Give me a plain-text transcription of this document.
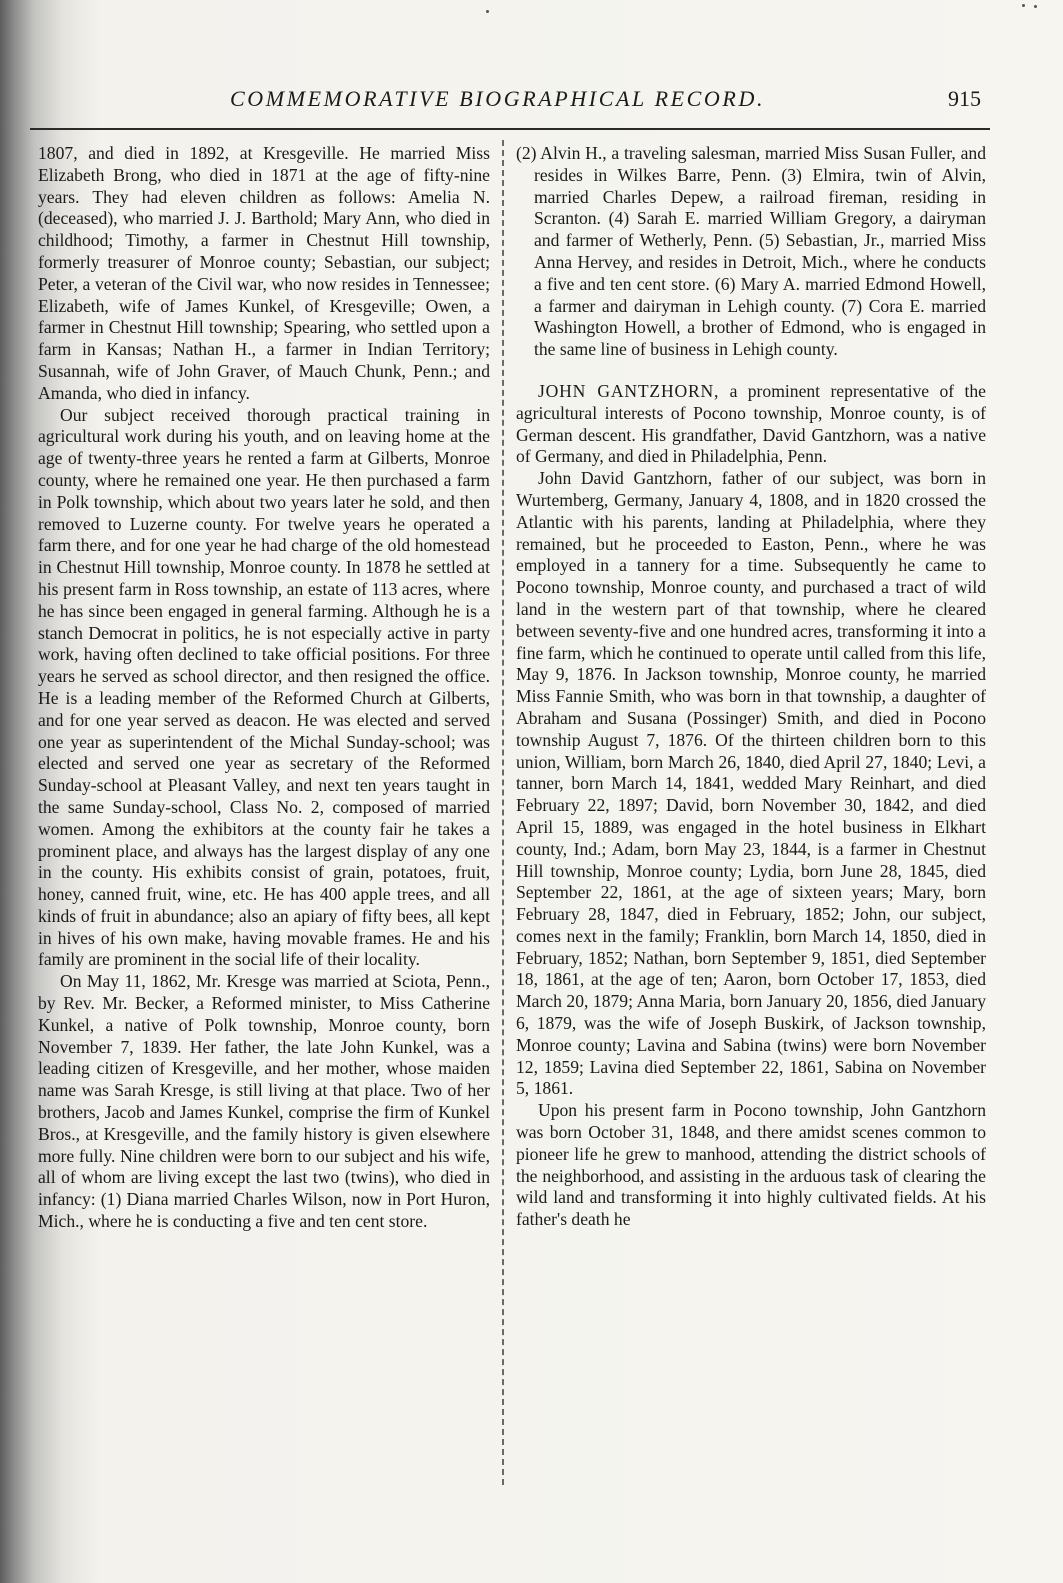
COMMEMORATIVE BIOGRAPHICAL RECORD.	915

1807, and died in 1892, at Kresgeville. He married Miss Elizabeth Brong, who died in 1871 at the age of fifty-nine years. They had eleven children as follows: Amelia N. (deceased), who married J. J. Barthold; Mary Ann, who died in childhood; Timothy, a farmer in Chestnut Hill township, formerly treasurer of Monroe county; Sebastian, our subject; Peter, a veteran of the Civil war, who now resides in Tennessee; Elizabeth, wife of James Kunkel, of Kresgeville; Owen, a farmer in Chestnut Hill township; Spearing, who settled upon a farm in Kansas; Nathan H., a farmer in Indian Territory; Susannah, wife of John Graver, of Mauch Chunk, Penn.; and Amanda, who died in infancy.

Our subject received thorough practical training in agricultural work during his youth, and on leaving home at the age of twenty-three years he rented a farm at Gilberts, Monroe county, where he remained one year. He then purchased a farm in Polk township, which about two years later he sold, and then removed to Luzerne county. For twelve years he operated a farm there, and for one year he had charge of the old homestead in Chestnut Hill township, Monroe county. In 1878 he settled at his present farm in Ross township, an estate of 113 acres, where he has since been engaged in general farming. Although he is a stanch Democrat in politics, he is not especially active in party work, having often declined to take official positions. For three years he served as school director, and then resigned the office. He is a leading member of the Reformed Church at Gilberts, and for one year served as deacon. He was elected and served one year as superintendent of the Michal Sunday-school; was elected and served one year as secretary of the Reformed Sunday-school at Pleasant Valley, and next ten years taught in the same Sunday-school, Class No. 2, composed of married women. Among the exhibitors at the county fair he takes a prominent place, and always has the largest display of any one in the county. His exhibits consist of grain, potatoes, fruit, honey, canned fruit, wine, etc. He has 400 apple trees, and all kinds of fruit in abundance; also an apiary of fifty bees, all kept in hives of his own make, having movable frames. He and his family are prominent in the social life of their locality.

On May 11, 1862, Mr. Kresge was married at Sciota, Penn., by Rev. Mr. Becker, a Reformed minister, to Miss Catherine Kunkel, a native of Polk township, Monroe county, born November 7, 1839. Her father, the late John Kunkel, was a leading citizen of Kresgeville, and her mother, whose maiden name was Sarah Kresge, is still living at that place. Two of her brothers, Jacob and James Kunkel, comprise the firm of Kunkel Bros., at Kresgeville, and the family history is given elsewhere more fully. Nine children were born to our subject and his wife, all of whom are living except the last two (twins), who died in infancy: (1) Diana married Charles Wilson, now in Port Huron, Mich., where he is conducting a five and ten cent store.

(2) Alvin H., a traveling salesman, married Miss Susan Fuller, and resides in Wilkes Barre, Penn. (3) Elmira, twin of Alvin, married Charles Depew, a railroad fireman, residing in Scranton. (4) Sarah E. married William Gregory, a dairyman and farmer of Wetherly, Penn. (5) Sebastian, Jr., married Miss Anna Hervey, and resides in Detroit, Mich., where he conducts a five and ten cent store. (6) Mary A. married Edmond Howell, a farmer and dairyman in Lehigh county. (7) Cora E. married Washington Howell, a brother of Edmond, who is engaged in the same line of business in Lehigh county.

JOHN GANTZHORN, a prominent representative of the agricultural interests of Pocono township, Monroe county, is of German descent. His grandfather, David Gantzhorn, was a native of Germany, and died in Philadelphia, Penn.

John David Gantzhorn, father of our subject, was born in Wurtemberg, Germany, January 4, 1808, and in 1820 crossed the Atlantic with his parents, landing at Philadelphia, where they remained, but he proceeded to Easton, Penn., where he was employed in a tannery for a time. Subsequently he came to Pocono township, Monroe county, and purchased a tract of wild land in the western part of that township, where he cleared between seventy-five and one hundred acres, transforming it into a fine farm, which he continued to operate until called from this life, May 9, 1876. In Jackson township, Monroe county, he married Miss Fannie Smith, who was born in that township, a daughter of Abraham and Susana (Possinger) Smith, and died in Pocono township August 7, 1876. Of the thirteen children born to this union, William, born March 26, 1840, died April 27, 1840; Levi, a tanner, born March 14, 1841, wedded Mary Reinhart, and died February 22, 1897; David, born November 30, 1842, and died April 15, 1889, was engaged in the hotel business in Elkhart county, Ind.; Adam, born May 23, 1844, is a farmer in Chestnut Hill township, Monroe county; Lydia, born June 28, 1845, died September 22, 1861, at the age of sixteen years; Mary, born February 28, 1847, died in February, 1852; John, our subject, comes next in the family; Franklin, born March 14, 1850, died in February, 1852; Nathan, born September 9, 1851, died September 18, 1861, at the age of ten; Aaron, born October 17, 1853, died March 20, 1879; Anna Maria, born January 20, 1856, died January 6, 1879, was the wife of Joseph Buskirk, of Jackson township, Monroe county; Lavina and Sabina (twins) were born November 12, 1859; Lavina died September 22, 1861, Sabina on November 5, 1861.

Upon his present farm in Pocono township, John Gantzhorn was born October 31, 1848, and there amidst scenes common to pioneer life he grew to manhood, attending the district schools of the neighborhood, and assisting in the arduous task of clearing the wild land and transforming it into highly cultivated fields. At his father's death he
